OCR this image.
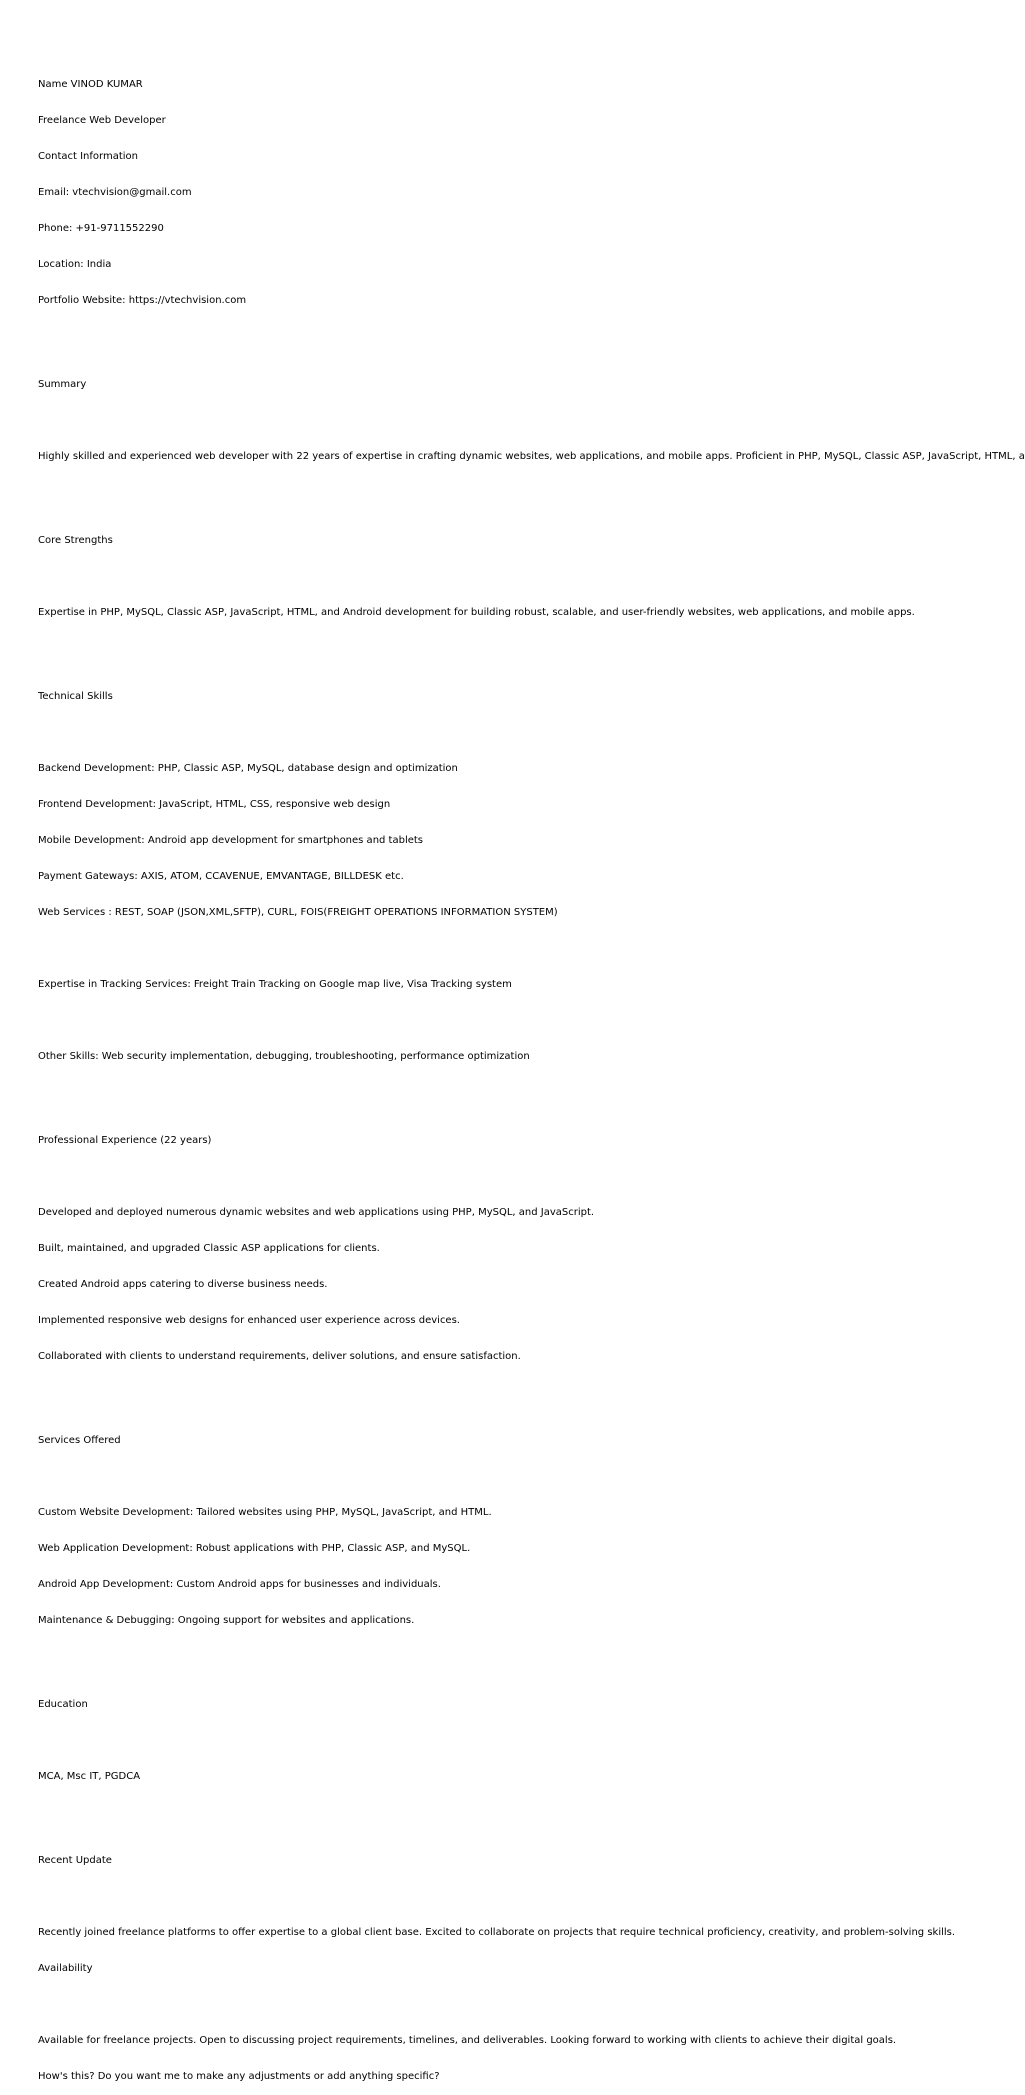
Name VINOD KUMAR

Freelance Web Developer

Contact Information

Email: vtechvision@gmail.com

Phone: +91-9711552290

Location: India

Portfolio Website: https://vtechvision.com

Summary

Highly skilled and experienced web developer with 22 years of expertise in crafting dynamic websites, web applications, and mobile apps. Proficient in PHP, MySQL, Classic ASP, JavaScript, HTML, a

Core Strengths

Expertise in PHP, MySQL, Classic ASP, JavaScript, HTML, and Android development for building robust, scalable, and user-friendly websites, web applications, and mobile apps.

Technical Skills

Backend Development: PHP, Classic ASP, MySQL, database design and optimization

Frontend Development: JavaScript, HTML, CSS, responsive web design

Mobile Development: Android app development for smartphones and tablets

Payment Gateways: AXIS, ATOM, CCAVENUE, EMVANTAGE, BILLDESK etc.

Web Services : REST, SOAP (JSON,XML,SFTP), CURL, FOIS(FREIGHT OPERATIONS INFORMATION SYSTEM)

Expertise in Tracking Services: Freight Train Tracking on Google map live, Visa Tracking system

Other Skills: Web security implementation, debugging, troubleshooting, performance optimization

Professional Experience (22 years)

Developed and deployed numerous dynamic websites and web applications using PHP, MySQL, and JavaScript.

Built, maintained, and upgraded Classic ASP applications for clients.

Created Android apps catering to diverse business needs.

Implemented responsive web designs for enhanced user experience across devices.

Collaborated with clients to understand requirements, deliver solutions, and ensure satisfaction.

Services Offered

Custom Website Development: Tailored websites using PHP, MySQL, JavaScript, and HTML.

Web Application Development: Robust applications with PHP, Classic ASP, and MySQL.

Android App Development: Custom Android apps for businesses and individuals.

Maintenance & Debugging: Ongoing support for websites and applications.

Education

MCA, Msc IT, PGDCA

Recent Update

Recently joined freelance platforms to offer expertise to a global client base. Excited to collaborate on projects that require technical proficiency, creativity, and problem-solving skills.

Availability

Available for freelance projects. Open to discussing project requirements, timelines, and deliverables. Looking forward to working with clients to achieve their digital goals.

How's this? Do you want me to make any adjustments or add anything specific?
